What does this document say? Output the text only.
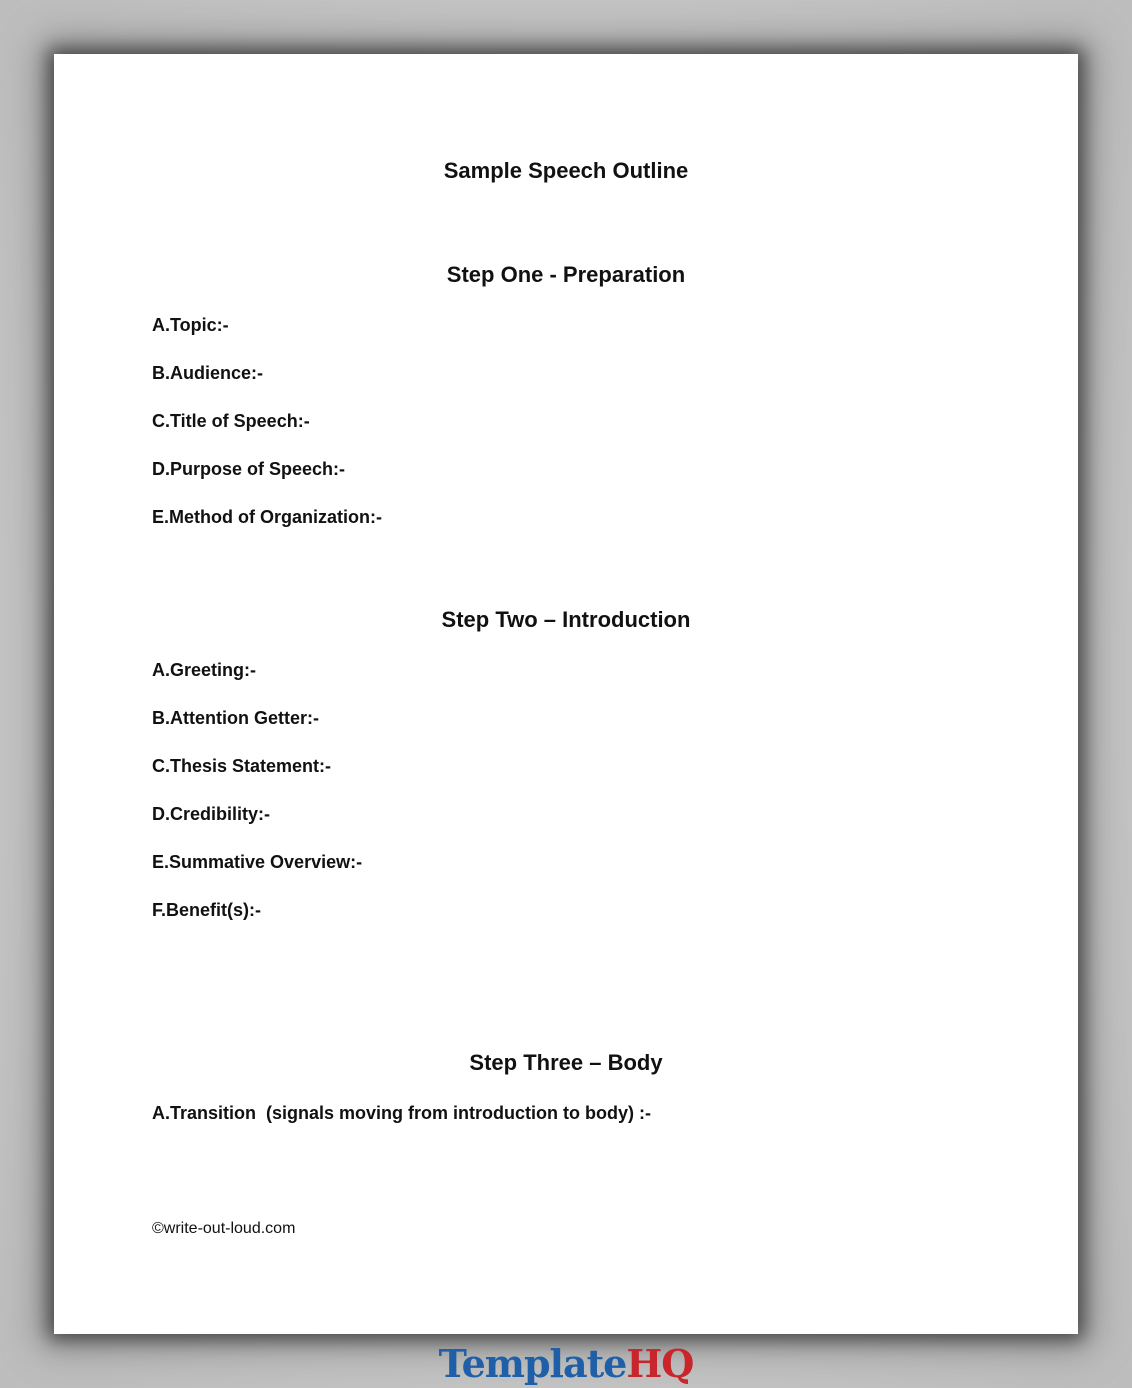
Sample Speech Outline
Step One - Preparation

A.Topic:-

B.Audience:-

C.Title of Speech:-

D.Purpose of Speech:-

E.Method of Organization:-

Step Two – Introduction

A.Greeting:-

B.Attention Getter:-

C.Thesis Statement:-

D.Credibility:-

E.Summative Overview:-

F.Benefit(s):-

Step Three – Body

A.Transition  (signals moving from introduction to body) :-

©write-out-loud.com

TemplateHQ
